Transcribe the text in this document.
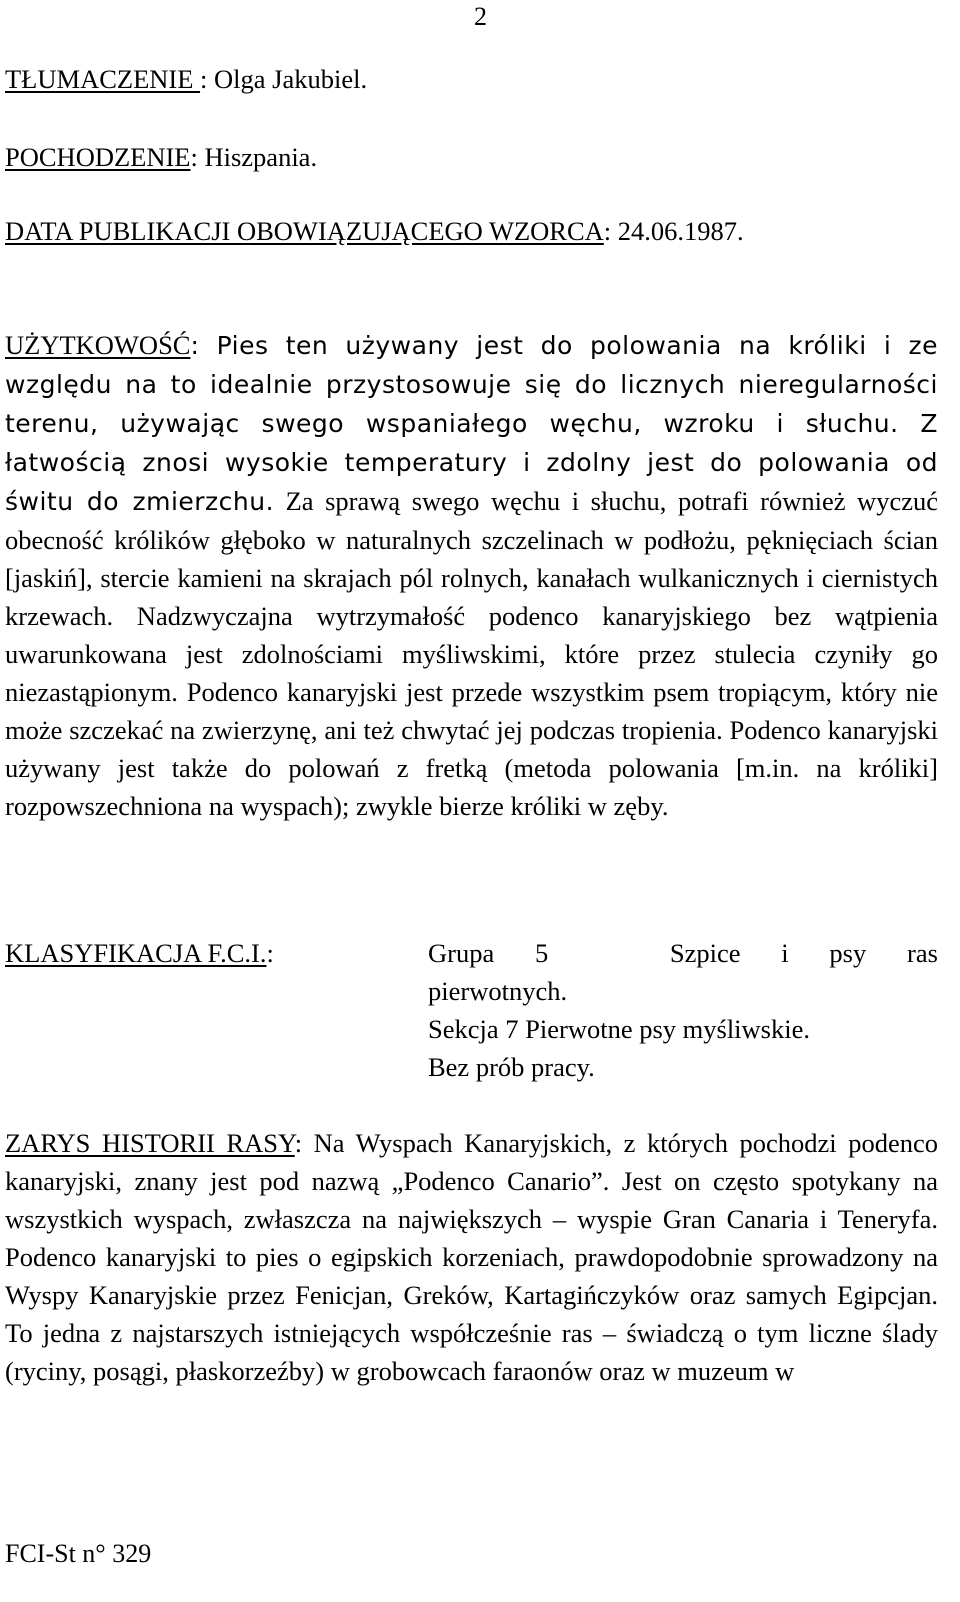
2
TŁUMACZENIE : Olga Jakubiel.
POCHODZENIE: Hiszpania.
DATA PUBLIKACJI OBOWIĄZUJĄCEGO WZORCA: 24.06.1987.
UŻYTKOWOŚĆ: Pies ten używany jest do polowania na króliki i ze względu na to idealnie przystosowuje się do licznych nieregularności terenu, używając swego wspaniałego węchu, wzroku i słuchu. Z łatwością znosi wysokie temperatury i zdolny jest do polowania od świtu do zmierzchu. Za sprawą swego węchu i słuchu, potrafi również wyczuć obecność królików głęboko w naturalnych szczelinach w podłożu, pęknięciach ścian [jaskiń], stercie kamieni na skrajach pól rolnych, kanałach wulkanicznych i ciernistych krzewach. Nadzwyczajna wytrzymałość podenco kanaryjskiego bez wątpienia uwarunkowana jest zdolnościami myśliwskimi, które przez stulecia czyniły go niezastąpionym. Podenco kanaryjski jest przede wszystkim psem tropiącym, który nie może szczekać na zwierzynę, ani też chwytać jej podczas tropienia. Podenco kanaryjski używany jest także do polowań z fretką (metoda polowania [m.in. na króliki] rozpowszechniona na wyspach); zwykle bierze króliki w zęby.
KLASYFIKACJA F.C.I.:	Grupa 5	Szpice i psy ras
pierwotnych.
Sekcja 7 Pierwotne psy myśliwskie.
Bez prób pracy.
ZARYS HISTORII RASY: Na Wyspach Kanaryjskich, z których pochodzi podenco kanaryjski, znany jest pod nazwą „Podenco Canario”. Jest on często spotykany na wszystkich wyspach, zwłaszcza na największych – wyspie Gran Canaria i Teneryfa. Podenco kanaryjski to pies o egipskich korzeniach, prawdopodobnie sprowadzony na Wyspy Kanaryjskie przez Fenicjan, Greków, Kartagińczyków oraz samych Egipcjan. To jedna z najstarszych istniejących współcześnie ras – świadczą o tym liczne ślady (ryciny, posągi, płaskorzeźby) w grobowcach faraonów oraz w muzeum w
FCI-St n° 329
